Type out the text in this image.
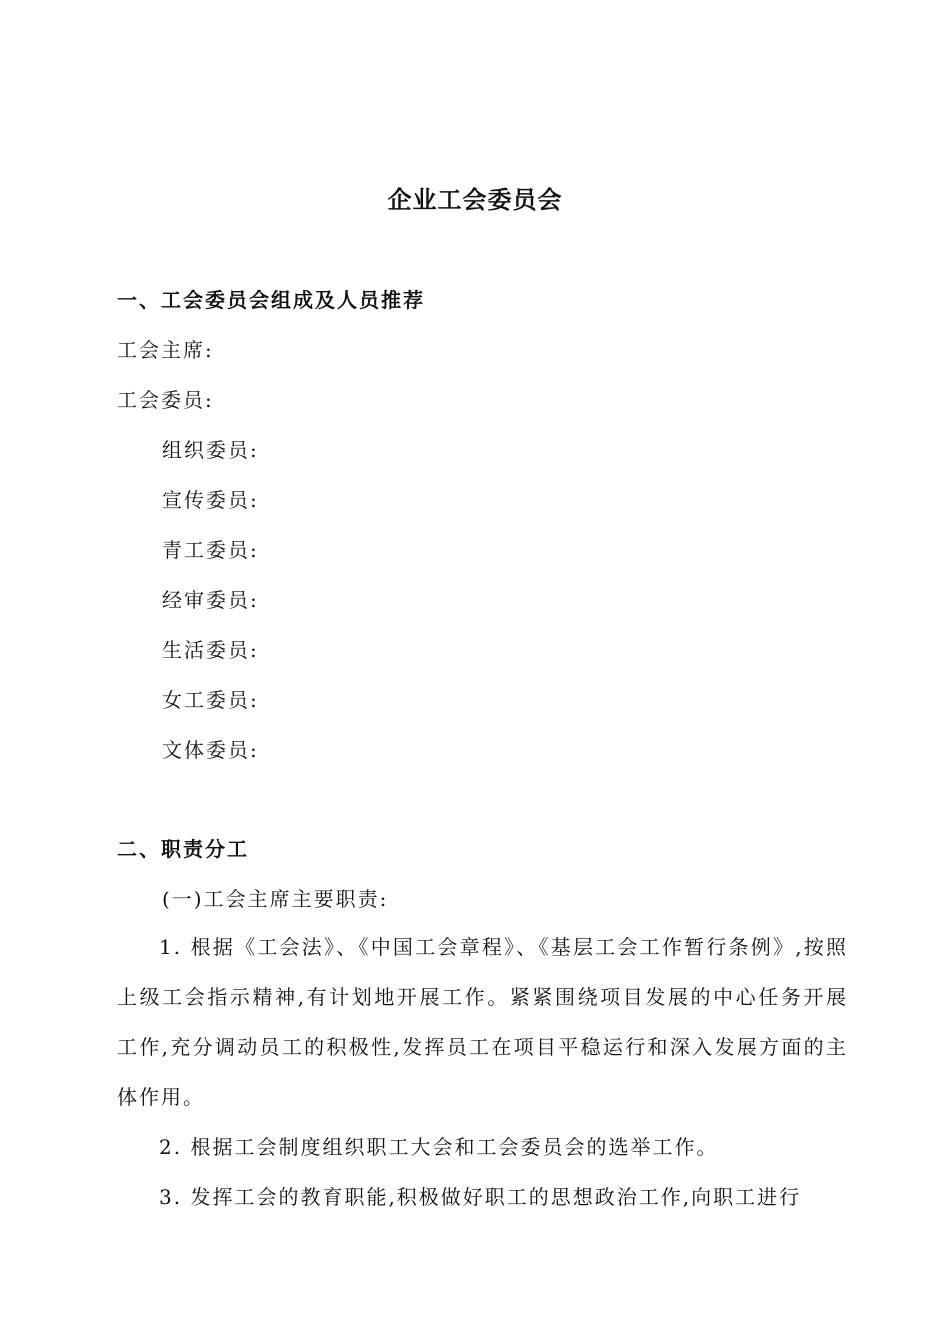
企业工会委员会
一、工会委员会组成及人员推荐
工会主席:
工会委员:
组织委员:
宣传委员:
青工委员:
经审委员:
生活委员:
女工委员:
文体委员:
二、职责分工
(一)工会主席主要职责:
1. 根据《工会法》、《中国工会章程》、《基层工会工作暂行条例》,按照上级工会指示精神,有计划地开展工作。紧紧围绕项目发展的中心任务开展工作,充分调动员工的积极性,发挥员工在项目平稳运行和深入发展方面的主体作用。
2. 根据工会制度组织职工大会和工会委员会的选举工作。
3. 发挥工会的教育职能,积极做好职工的思想政治工作,向职工进行
